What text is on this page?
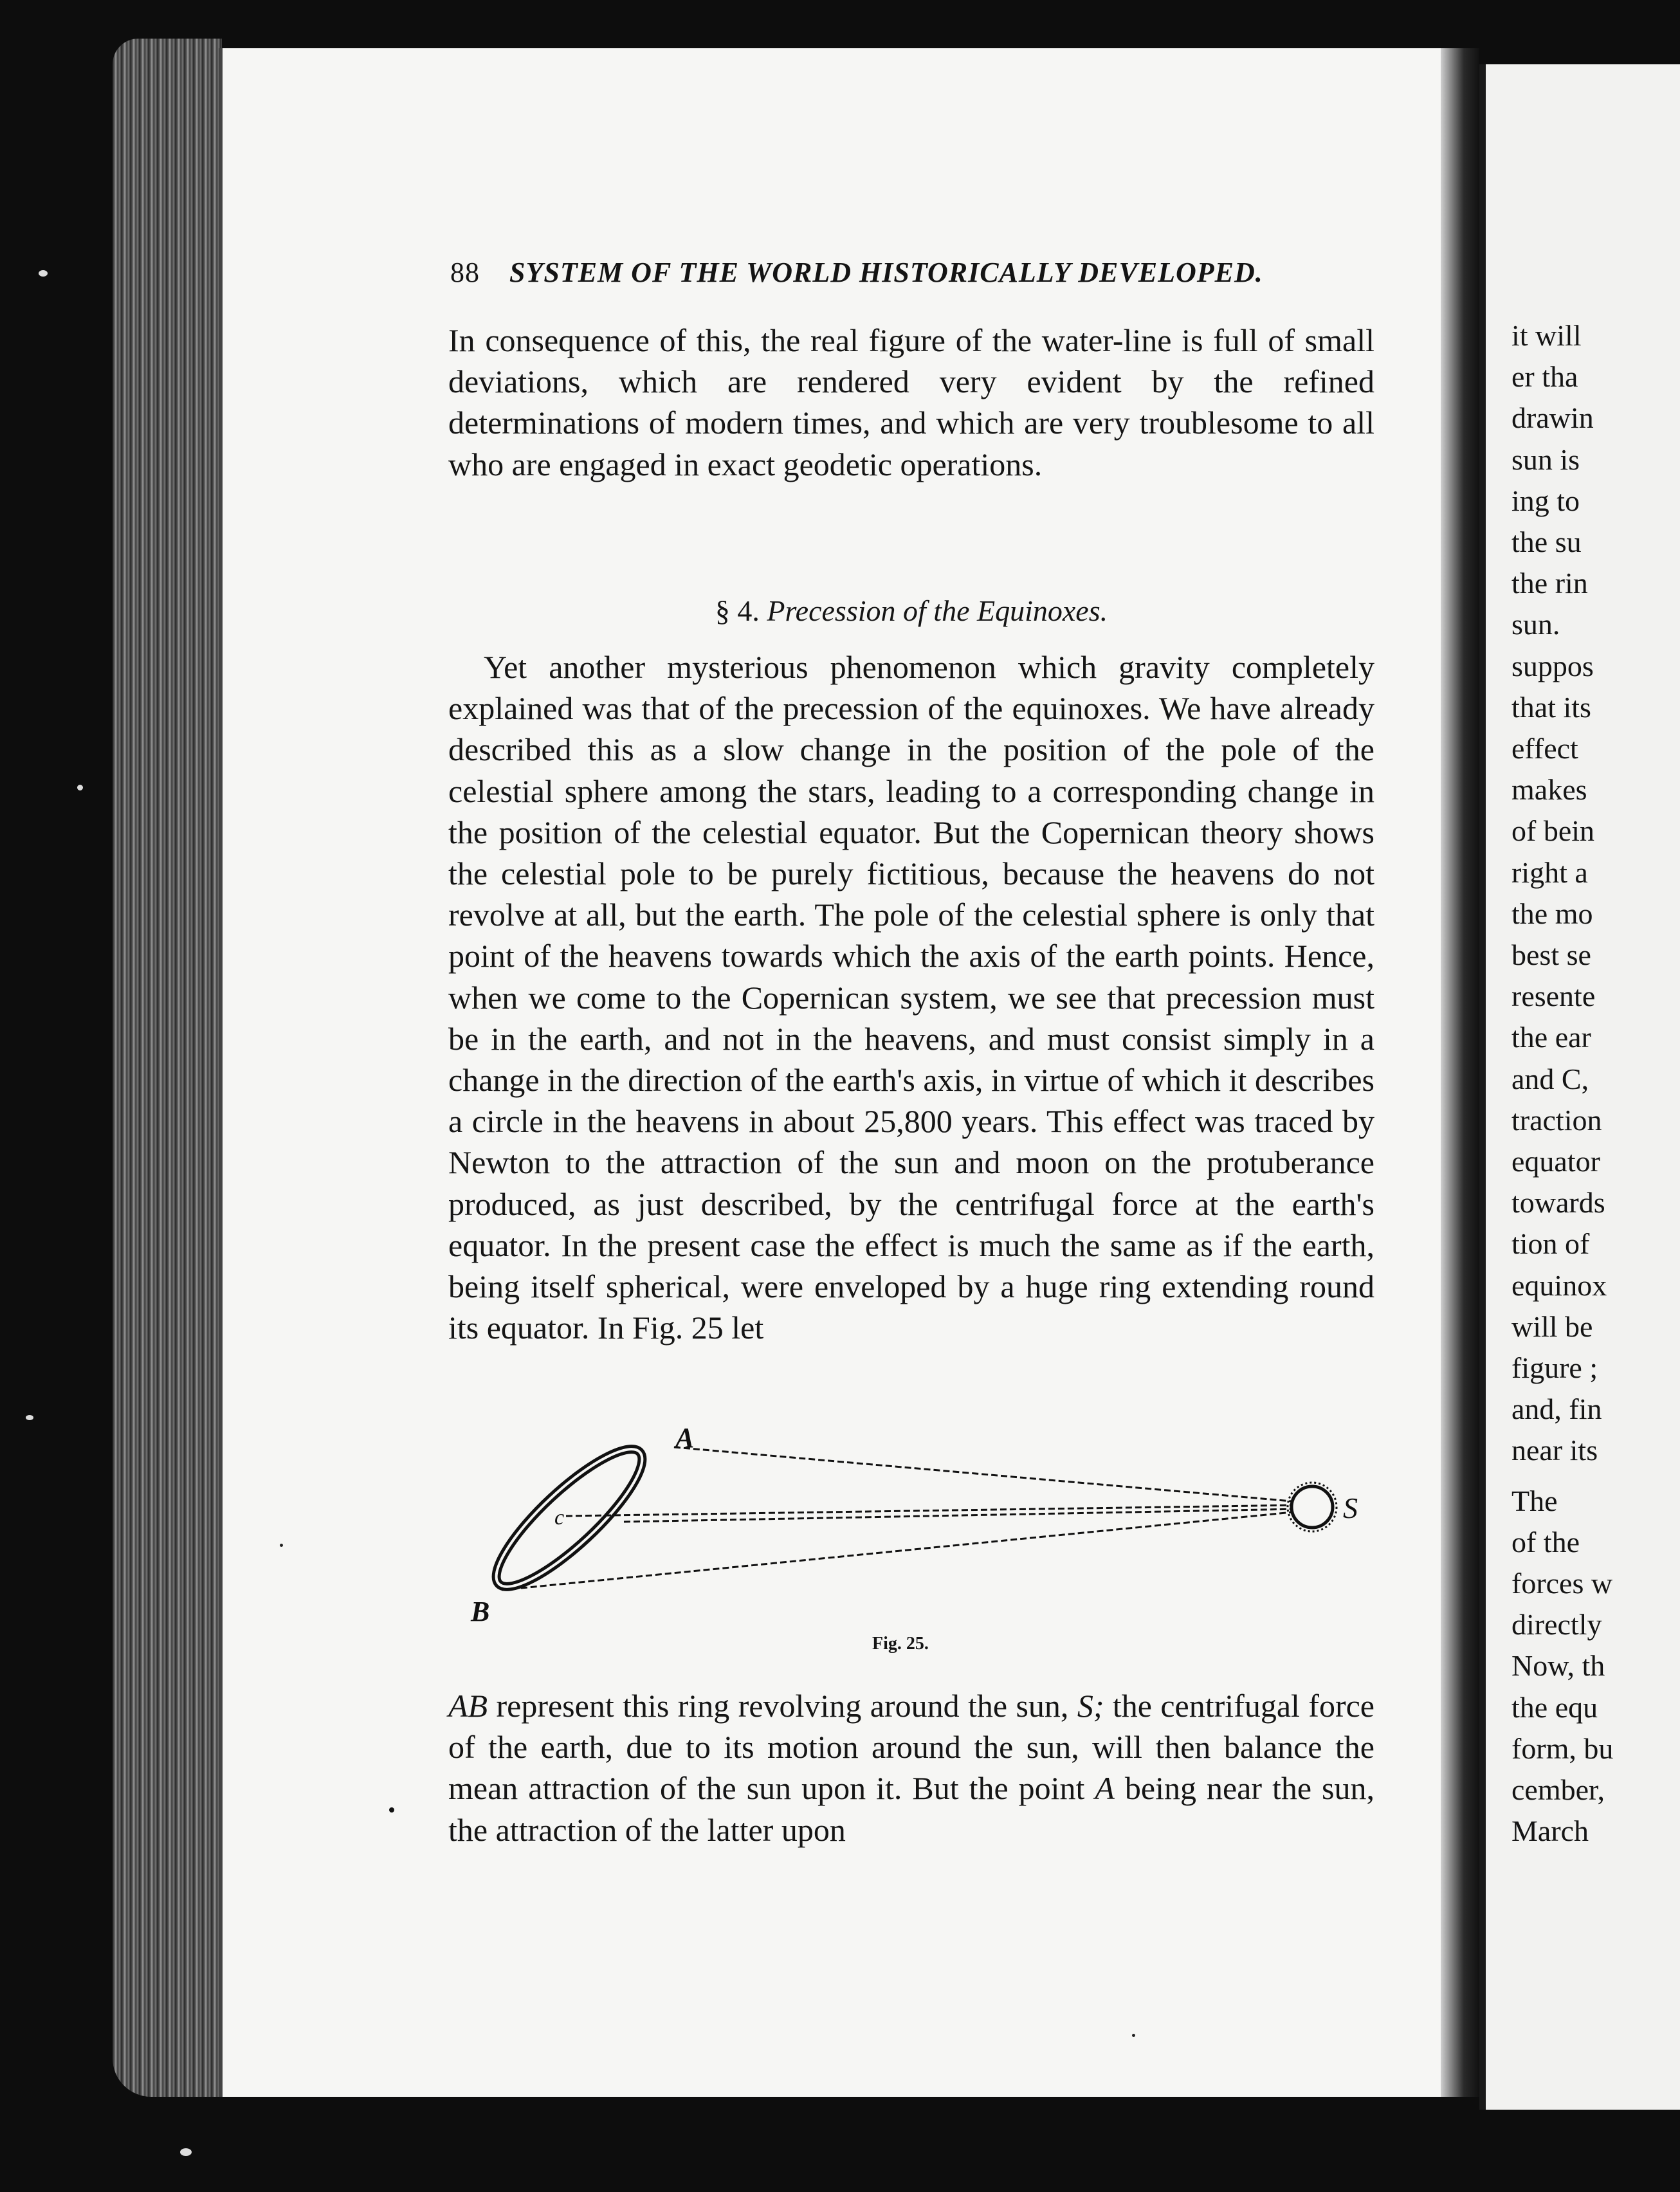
it will
er tha
drawin
sun is
ing to
the su
the rin
sun.
suppos
that its
effect
makes
of bein
right a
the mo
best se
resente
the ear
and C,
traction
equator
towards
tion of
equinox
will be
figure ;
and, fin
near its
The
of the
forces w
directly
Now, th
the equ
form, bu
cember,
March
88 SYSTEM OF THE WORLD HISTORICALLY DEVELOPED.

In consequence of this, the real figure of the water-line is full of small deviations, which are rendered very evident by the refined determinations of modern times, and which are very troublesome to all who are engaged in exact geodetic operations.

§ 4. Precession of the Equinoxes.

Yet another mysterious phenomenon which gravity completely explained was that of the precession of the equinoxes. We have already described this as a slow change in the position of the pole of the celestial sphere among the stars, leading to a corresponding change in the position of the celestial equator. But the Copernican theory shows the celestial pole to be purely fictitious, because the heavens do not revolve at all, but the earth. The pole of the celestial sphere is only that point of the heavens towards which the axis of the earth points. Hence, when we come to the Copernican system, we see that precession must be in the earth, and not in the heavens, and must consist simply in a change in the direction of the earth's axis, in virtue of which it describes a circle in the heavens in about 25,800 years. This effect was traced by Newton to the attraction of the sun and moon on the protuberance produced, as just described, by the centrifugal force at the earth's equator. In the present case the effect is much the same as if the earth, being itself spherical, were enveloped by a huge ring extending round its equator. In Fig. 25 let

A
B
c	S
Fig. 25.

AB represent this ring revolving around the sun, S; the centrifugal force of the earth, due to its motion around the sun, will then balance the mean attraction of the sun upon it. But the point A being near the sun, the attraction of the latter upon
